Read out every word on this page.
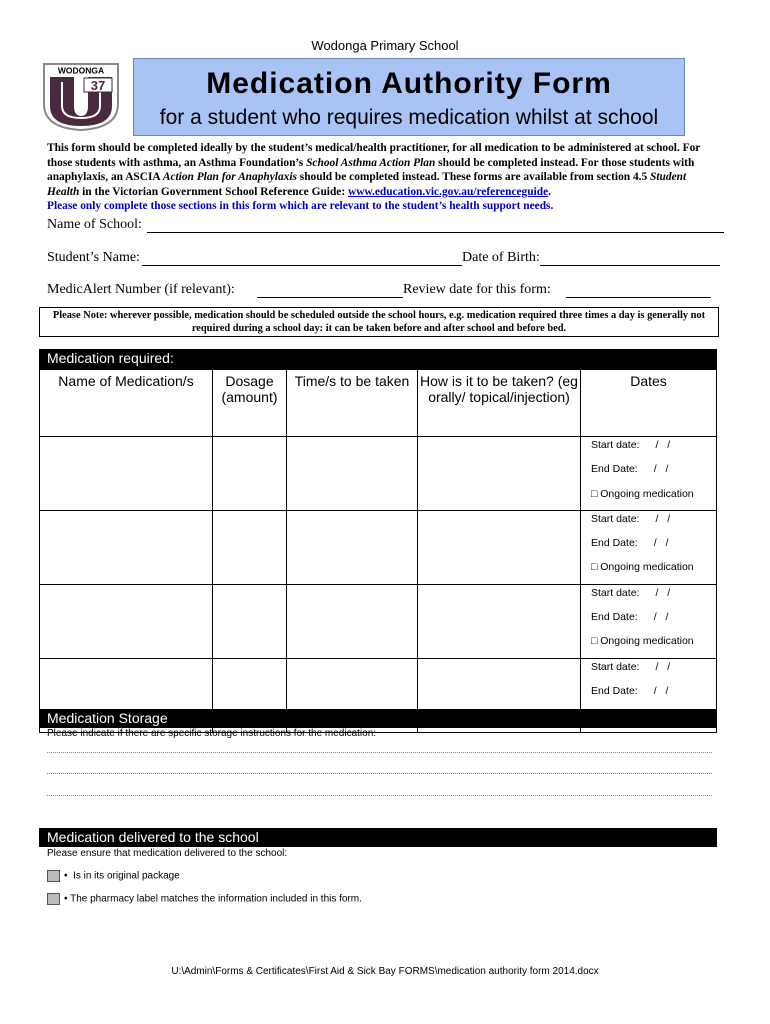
Wodonga Primary School
WODONGA
37	Medication Authority Form
for a student who requires medication whilst at school
This form should be completed ideally by the student’s medical/health practitioner, for all medication to be administered at school. For those students with asthma, an Asthma Foundation’s School Asthma Action Plan should be completed instead. For those students with anaphylaxis, an ASCIA Action Plan for Anaphylaxis should be completed instead. These forms are available from section 4.5 Student Health in the Victorian Government School Reference Guide: www.education.vic.gov.au/referenceguide.
Please only complete those sections in this form which are relevant to the student’s health support needs.
Name of School:
Student’s Name:	Date of Birth:
MedicAlert Number (if relevant):	Review date for this form:
Please Note: wherever possible, medication should be scheduled outside the school hours, e.g. medication required three times a day is generally not required during a school day: it can be taken before and after school and before bed.
Medication required:
Name of Medication/s	Dosage (amount)	Time/s to be taken	How is it to be taken? (eg orally/ topical/injection)	Dates

				Start date: / /
End Date: / /
□ Ongoing medication

				Start date: / /
End Date: / /
□ Ongoing medication

				Start date: / /
End Date: / /
□ Ongoing medication

				Start date: / /
End Date: / /
Medication Storage
Please indicate if there are specific storage instructions for the medication:
Medication delivered to the school
Please ensure that medication delivered to the school:
•  Is in its original package
• The pharmacy label matches the information included in this form.
U:\Admin\Forms & Certificates\First Aid & Sick Bay FORMS\medication authority form 2014.docx
